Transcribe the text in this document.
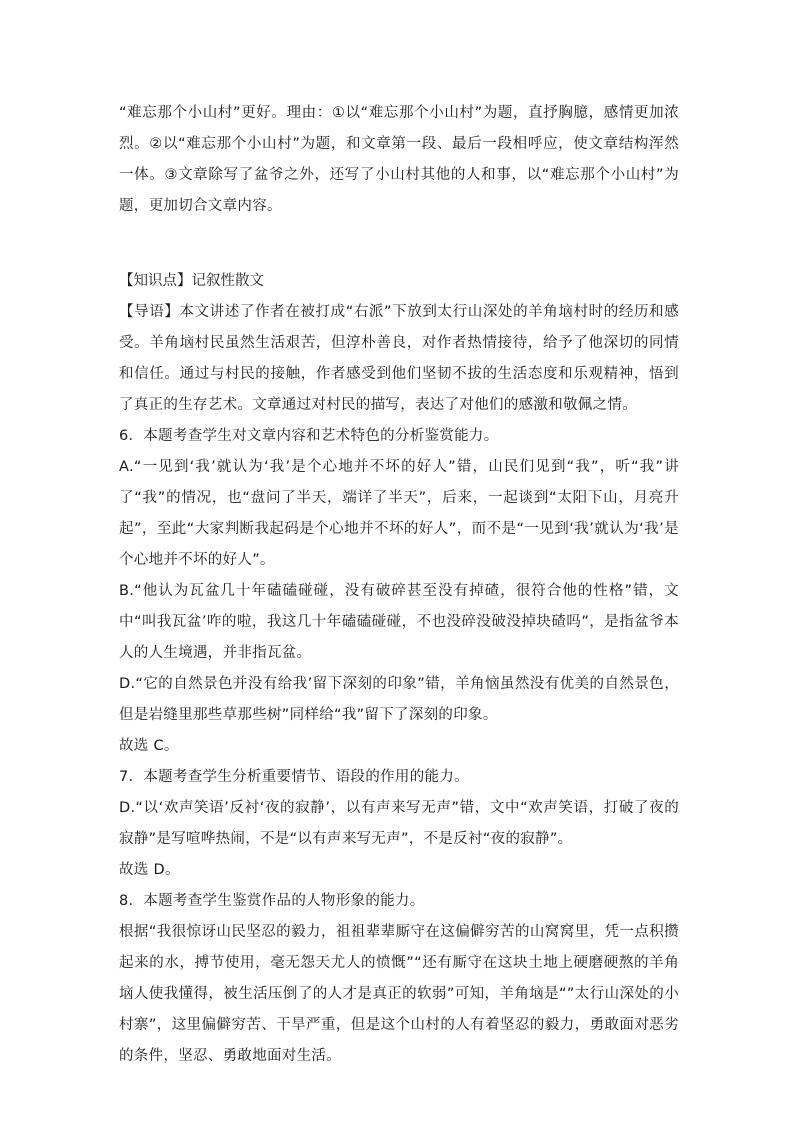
“难忘那个小山村”更好。理由：①以“难忘那个小山村”为题，直抒胸臆，感情更加浓烈。②以“难忘那个小山村”为题，和文章第一段、最后一段相呼应，使文章结构浑然一体。③文章除写了盆爷之外，还写了小山村其他的人和事，以“难忘那个小山村”为题，更加切合文章内容。

【知识点】记叙性散文

【导语】本文讲述了作者在被打成“右派”下放到太行山深处的羊角垴村时的经历和感受。羊角垴村民虽然生活艰苦，但淳朴善良，对作者热情接待，给予了他深切的同情和信任。通过与村民的接触，作者感受到他们坚韧不拔的生活态度和乐观精神，悟到了真正的生存艺术。文章通过对村民的描写，表达了对他们的感激和敬佩之情。

6．本题考查学生对文章内容和艺术特色的分析鉴赏能力。

A.“一见到‘我’就认为‘我’是个心地并不坏的好人”错，山民们见到“我”，听“我”讲了“我”的情况，也“盘问了半天，端详了半天”，后来，一起谈到“太阳下山，月亮升起”，至此“大家判断我起码是个心地并不坏的好人”，而不是“一见到‘我’就认为‘我’是个心地并不坏的好人”。

B.“他认为瓦盆几十年磕磕碰碰，没有破碎甚至没有掉碴，很符合他的性格”错，文中“叫我瓦盆’咋的啦，我这几十年磕磕碰碰，不也没碎没破没掉块碴吗”，是指盆爷本人的人生境遇，并非指瓦盆。

D.“它的自然景色并没有给我’留下深刻的印象”错，羊角恼虽然没有优美的自然景色，但是岩缝里那些草那些树”同样给“我”留下了深刻的印象。

故选 C。

7．本题考查学生分析重要情节、语段的作用的能力。

D.“以‘欢声笑语’反衬‘夜的寂静’，以有声来写无声”错，文中“欢声笑语，打破了夜的寂静”是写喧哗热闹，不是“以有声来写无声”，不是反衬“夜的寂静”。

故选 D。

8．本题考查学生鉴赏作品的人物形象的能力。

根据“我很惊讶山民坚忍的毅力，祖祖辈辈厮守在这偏僻穷苦的山窝窝里，凭一点积攒起来的水，搏节使用，毫无怨天尤人的愤慨”“还有厮守在这块土地上硬磨硬熬的羊角垴人使我懂得，被生活压倒了的人才是真正的软弱”可知，羊角垴是“”太行山深处的小村寨”，这里偏僻穷苦、干旱严重，但是这个山村的人有着坚忍的毅力，勇敢面对恶劣的条件，坚忍、勇敢地面对生活。
